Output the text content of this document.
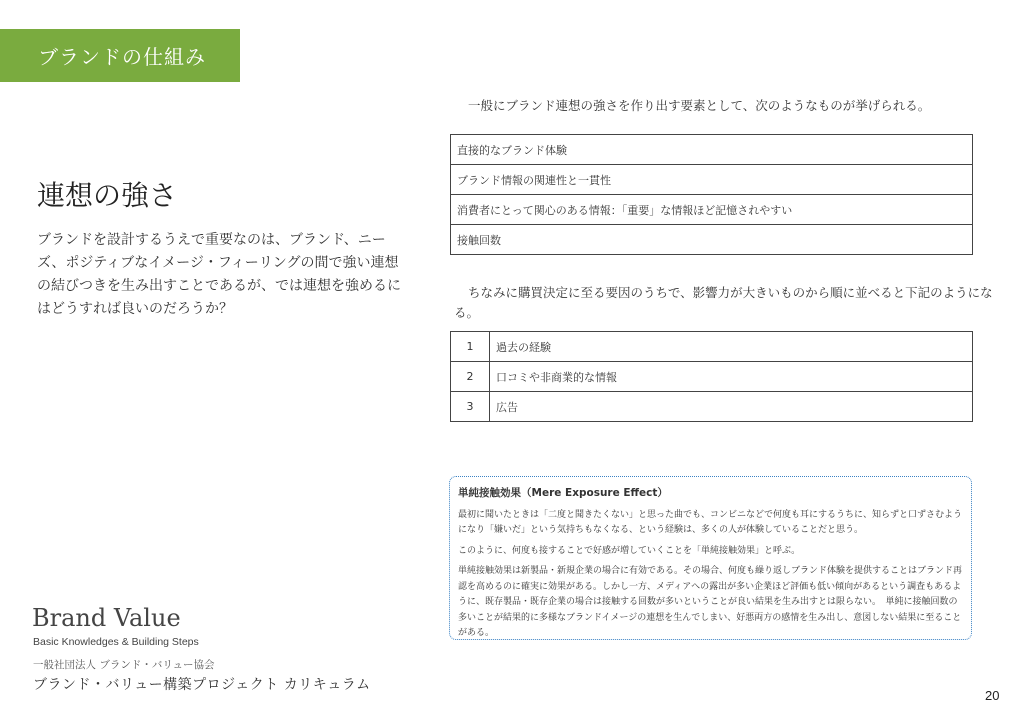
ブランドの仕組み
連想の強さ
ブランドを設計するうえで重要なのは、ブランド、ニーズ、ポジティブなイメージ・フィーリングの間で強い連想の結びつきを生み出すことであるが、では連想を強めるにはどうすれば良いのだろうか？
一般にブランド連想の強さを作り出す要素として、次のようなものが挙げられる。
直接的なブランド体験
ブランド情報の関連性と一貫性
消費者にとって関心のある情報：「重要」な情報ほど記憶されやすい
接触回数
ちなみに購買決定に至る要因のうちで、影響力が大きいものから順に並べると下記のようになる。
1	過去の経験
2	口コミや非商業的な情報
3	広告
単純接触効果（Mere Exposure Effect）

最初に聞いたときは「二度と聞きたくない」と思った曲でも、コンビニなどで何度も耳にするうちに、知らずと口ずさむようになり「嫌いだ」という気持ちもなくなる、という経験は、多くの人が体験していることだと思う。

このように、何度も接することで好感が増していくことを「単純接触効果」と呼ぶ。

単純接触効果は新製品・新規企業の場合に有効である。その場合、何度も繰り返しブランド体験を提供することはブランド再認を高めるのに確実に効果がある。しかし一方、メディアへの露出が多い企業ほど評価も低い傾向があるという調査もあるように、既存製品・既存企業の場合は接触する回数が多いということが良い結果を生み出すとは限らない。　単純に接触回数の多いことが結果的に多様なブランドイメージの連想を生んでしまい、好悪両方の感情を生み出し、意図しない結果に至ることがある。

Brand Value
Basic Knowledges & Building Steps
一般社団法人 ブランド・バリュー協会
ブランド・バリュー構築プロジェクト カリキュラム
20
